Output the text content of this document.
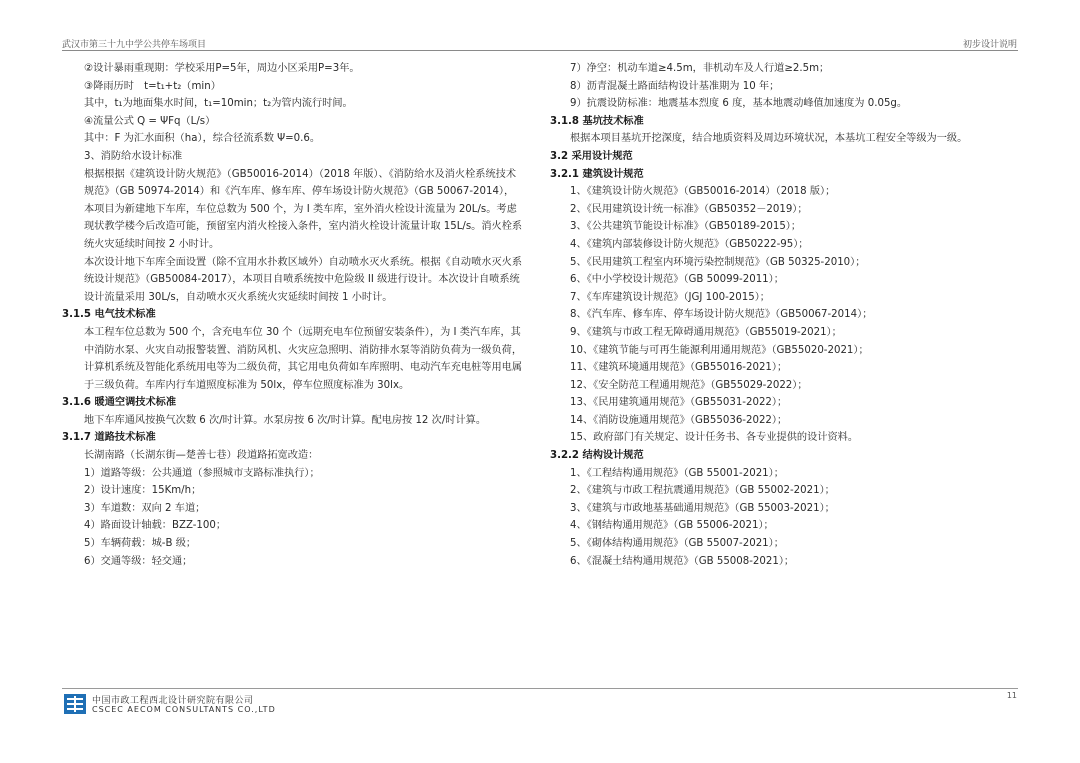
武汉市第三十九中学公共停车场项目	初步设计说明

②设计暴雨重现期：学校采用P=5年，周边小区采用P=3年。

③降雨历时　t=t₁+t₂（min）

其中，t₁为地面集水时间，t₁=10min；t₂为管内流行时间。

④流量公式 Q = ΨFq（L/s）

其中：F 为汇水面积（ha），综合径流系数 Ψ=0.6。

3、消防给水设计标准

根据根据《建筑设计防火规范》（GB50016-2014）（2018 年版）、《消防给水及消火栓系统技术规范》（GB 50974-2014）和《汽车库、修车库、停车场设计防火规范》（GB 50067-2014），本项目为新建地下车库，车位总数为 500 个，为 I 类车库，室外消火栓设计流量为 20L/s。考虑现状教学楼今后改造可能，预留室内消火栓接入条件，室内消火栓设计流量计取 15L/s。消火栓系统火灾延续时间按 2 小时计。

本次设计地下车库全面设置（除不宜用水扑救区域外）自动喷水灭火系统。根据《自动喷水灭火系统设计规范》（GB50084-2017），本项目自喷系统按中危险级 II 级进行设计。本次设计自喷系统设计流量采用 30L/s，自动喷水灭火系统火灾延续时间按 1 小时计。

3.1.5 电气技术标准

本工程车位总数为 500 个，含充电车位 30 个（远期充电车位预留安装条件），为 I 类汽车库，其中消防水泵、火灾自动报警装置、消防风机、火灾应急照明、消防排水泵等消防负荷为一级负荷，计算机系统及智能化系统用电等为二级负荷，其它用电负荷如车库照明、电动汽车充电桩等用电属于三级负荷。车库内行车道照度标准为 50lx，停车位照度标准为 30lx。

3.1.6 暖通空调技术标准

地下车库通风按换气次数 6 次/时计算。水泵房按 6 次/时计算。配电房按 12 次/时计算。

3.1.7 道路技术标准

长湖南路（长湖东街—楚善七巷）段道路拓宽改造：

1）道路等级：公共通道（参照城市支路标准执行）；

2）设计速度：15Km/h；

3）车道数：双向 2 车道；

4）路面设计轴载：BZZ-100；

5）车辆荷载：城-B 级；

6）交通等级：轻交通；

7）净空：机动车道≥4.5m，非机动车及人行道≥2.5m；

8）沥青混凝土路面结构设计基准期为 10 年；

9）抗震设防标准：地震基本烈度 6 度，基本地震动峰值加速度为 0.05g。

3.1.8 基坑技术标准

根据本项目基坑开挖深度，结合地质资料及周边环境状况，本基坑工程安全等级为一级。

3.2 采用设计规范

3.2.1 建筑设计规范

1、《建筑设计防火规范》（GB50016-2014）（2018 版）；

2、《民用建筑设计统一标准》（GB50352－2019）；

3、《公共建筑节能设计标准》（GB50189-2015）；

4、《建筑内部装修设计防火规范》（GB50222-95）；

5、《民用建筑工程室内环境污染控制规范》（GB 50325-2010）；

6、《中小学校设计规范》（GB 50099-2011）；

7、《车库建筑设计规范》（JGJ 100-2015）；

8、《汽车库、修车库、停车场设计防火规范》（GB50067-2014）；

9、《建筑与市政工程无障碍通用规范》（GB55019-2021）；

10、《建筑节能与可再生能源利用通用规范》（GB55020-2021）；

11、《建筑环境通用规范》（GB55016-2021）；

12、《安全防范工程通用规范》（GB55029-2022）；

13、《民用建筑通用规范》（GB55031-2022）；

14、《消防设施通用规范》（GB55036-2022）；

15、政府部门有关规定、设计任务书、各专业提供的设计资料。

3.2.2 结构设计规范

1、《工程结构通用规范》（GB 55001-2021）；

2、《建筑与市政工程抗震通用规范》（GB 55002-2021）；

3、《建筑与市政地基基础通用规范》（GB 55003-2021）；

4、《钢结构通用规范》（GB 55006-2021）；

5、《砌体结构通用规范》（GB 55007-2021）；

6、《混凝土结构通用规范》（GB 55008-2021）；

中国市政工程西北设计研究院有限公司
CSCEC AECOM CONSULTANTS CO.,LTD
11
